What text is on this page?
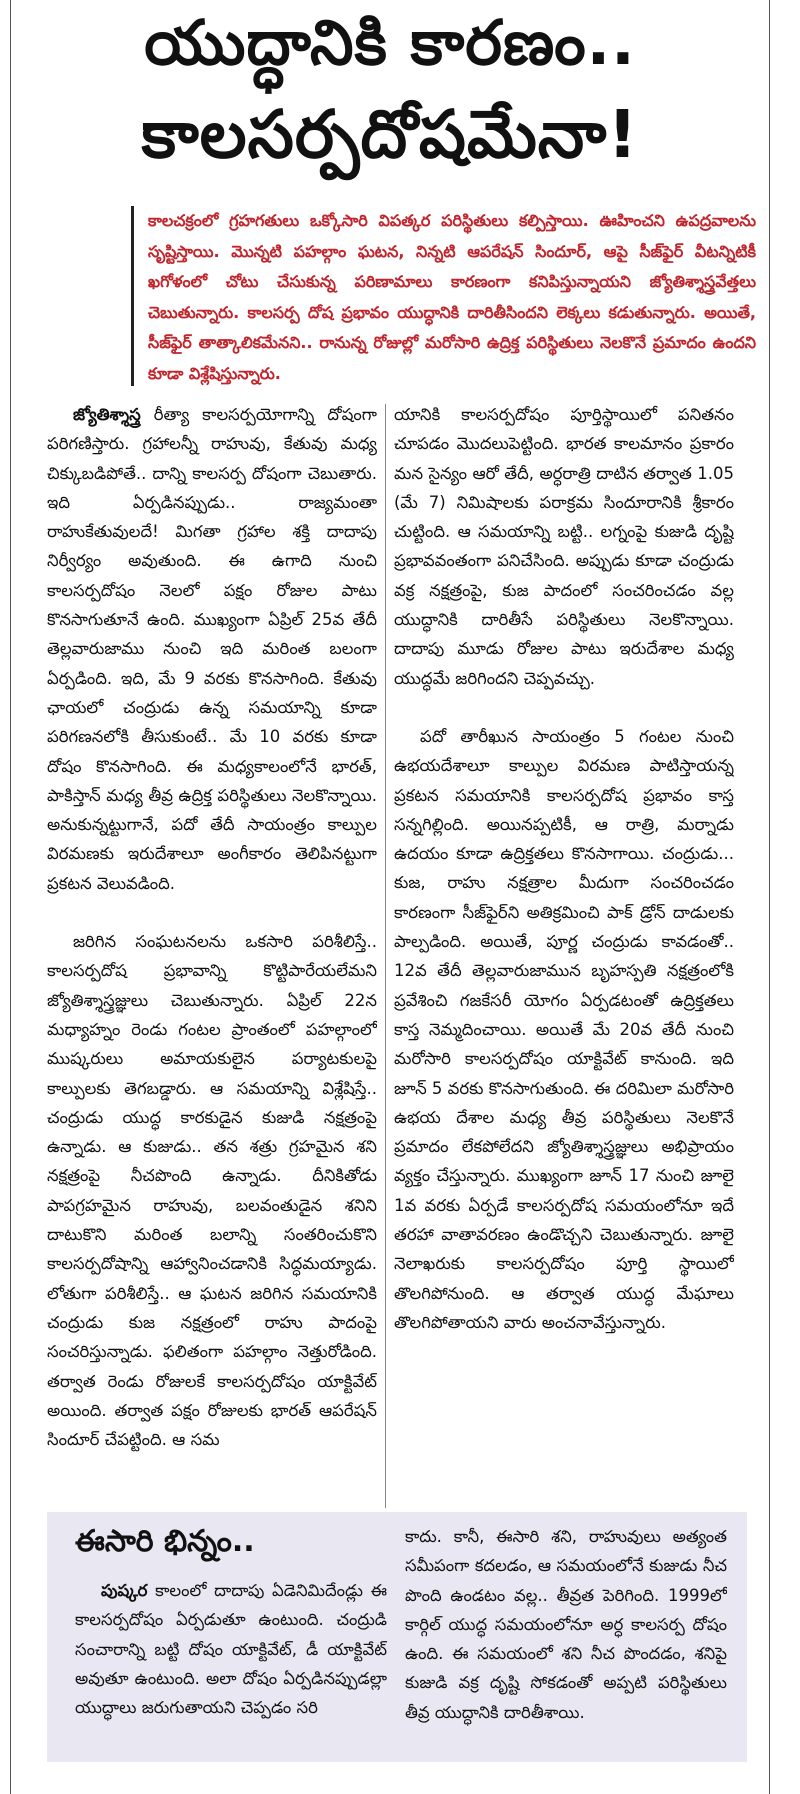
యుద్ధానికి కారణం..
కాలసర్పదోషమేనా!
కాలచక్రంలో గ్రహగతులు ఒక్కోసారి విపత్కర పరిస్థితులు కల్పిస్తాయి. ఊహించని ఉపద్రవాలను సృష్టిస్తాయి. మొన్నటి పహల్గాం ఘటన, నిన్నటి ఆపరేషన్ సిందూర్, ఆపై సీజ్‌ఫైర్ వీటన్నిటికీ ఖగోళంలో చోటు చేసుకున్న పరిణామాలు కారణంగా కనిపిస్తున్నాయని జ్యోతిశ్శాస్త్రవేత్తలు చెబుతున్నారు. కాలసర్ప దోష ప్రభావం యుద్ధానికి దారితీసిందని లెక్కలు కడుతున్నారు. అయితే, సీజ్‌ఫైర్ తాత్కాలికమేనని.. రానున్న రోజుల్లో మరోసారి ఉద్రిక్త పరిస్థితులు నెలకొనే ప్రమాదం ఉందని కూడా విశ్లేషిస్తున్నారు.

జ్యోతిశ్శాస్త్ర రీత్యా కాలసర్పయోగాన్ని దోషంగా పరిగణిస్తారు. గ్రహాలన్నీ రాహువు, కేతువు మధ్య చిక్కుబడిపోతే.. దాన్ని కాలసర్ప దోషంగా చెబుతారు. ఇది ఏర్పడినప్పుడు.. రాజ్యమంతా రాహుకేతువులదే! మిగతా గ్రహాల శక్తి దాదాపు నిర్వీర్యం అవుతుంది. ఈ ఉగాది నుంచి కాలసర్పదోషం నెలలో పక్షం రోజుల పాటు కొనసాగుతూనే ఉంది. ముఖ్యంగా ఏప్రిల్ 25వ తేదీ తెల్లవారుజాము నుంచి ఇది మరింత బలంగా ఏర్పడింది. ఇది, మే 9 వరకు కొనసాగింది. కేతువు ఛాయలో చంద్రుడు ఉన్న సమయాన్ని కూడా పరిగణనలోకి తీసుకుంటే.. మే 10 వరకు కూడా దోషం కొనసాగింది. ఈ మధ్యకాలంలోనే భారత్, పాకిస్తాన్ మధ్య తీవ్ర ఉద్రిక్త పరిస్థితులు నెలకొన్నాయి. అనుకున్నట్టుగానే, పదో తేదీ సాయంత్రం కాల్పుల విరమణకు ఇరుదేశాలూ అంగీకారం తెలిపినట్టుగా ప్రకటన వెలువడింది.

జరిగిన సంఘటనలను ఒకసారి పరిశీలిస్తే.. కాలసర్పదోష ప్రభావాన్ని కొట్టిపారేయలేమని జ్యోతిశ్శాస్త్రజ్ఞులు చెబుతున్నారు. ఏప్రిల్ 22న మధ్యాహ్నం రెండు గంటల ప్రాంతంలో పహల్గాంలో ముష్కరులు అమాయకులైన పర్యాటకులపై కాల్పులకు తెగబడ్డారు. ఆ సమయాన్ని విశ్లేషిస్తే.. చంద్రుడు యుద్ధ కారకుడైన కుజుడి నక్షత్రంపై ఉన్నాడు. ఆ కుజుడు.. తన శత్రు గ్రహమైన శని నక్షత్రంపై నీచపొంది ఉన్నాడు. దీనికితోడు పాపగ్రహమైన రాహువు, బలవంతుడైన శనిని దాటుకొని మరింత బలాన్ని సంతరించుకొని కాలసర్పదోషాన్ని ఆహ్వానించడానికి సిద్ధమయ్యాడు. లోతుగా పరిశీలిస్తే.. ఆ ఘటన జరిగిన సమయానికి చంద్రుడు కుజ నక్షత్రంలో రాహు పాదంపై సంచరిస్తున్నాడు. ఫలితంగా పహల్గాం నెత్తురోడింది. తర్వాత రెండు రోజులకే కాలసర్పదోషం యాక్టివేట్ అయింది. తర్వాత పక్షం రోజులకు భారత్ ఆపరేషన్ సిందూర్ చేపట్టింది. ఆ సమ

యానికి కాలసర్పదోషం పూర్తిస్థాయిలో పనితనం చూపడం మొదలుపెట్టింది. భారత కాలమానం ప్రకారం మన సైన్యం ఆరో తేదీ, అర్ధరాత్రి దాటిన తర్వాత 1.05 (మే 7) నిమిషాలకు పరాక్రమ సిందూరానికి శ్రీకారం చుట్టింది. ఆ సమయాన్ని బట్టి.. లగ్నంపై కుజుడి దృష్టి ప్రభావవంతంగా పనిచేసింది. అప్పుడు కూడా చంద్రుడు వక్ర నక్షత్రంపై, కుజ పాదంలో సంచరించడం వల్ల యుద్ధానికి దారితీసే పరిస్థితులు నెలకొన్నాయి. దాదాపు మూడు రోజుల పాటు ఇరుదేశాల మధ్య యుద్ధమే జరిగిందని చెప్పవచ్చు.

పదో తారీఖున సాయంత్రం 5 గంటల నుంచి ఉభయదేశాలూ కాల్పుల విరమణ పాటిస్తాయన్న ప్రకటన సమయానికి కాలసర్పదోష ప్రభావం కాస్త సన్నగిల్లింది. అయినప్పటికీ, ఆ రాత్రి, మర్నాడు ఉదయం కూడా ఉద్రిక్తతలు కొనసాగాయి. చంద్రుడు... కుజ, రాహు నక్షత్రాల మీదుగా సంచరించడం కారణంగా సీజ్‌ఫైర్‌ని అతిక్రమించి పాక్ డ్రోన్ దాడులకు పాల్పడింది. అయితే, పూర్ణ చంద్రుడు కావడంతో.. 12వ తేదీ తెల్లవారుజామున బృహస్పతి నక్షత్రంలోకి ప్రవేశించి గజకేసరీ యోగం ఏర్పడటంతో ఉద్రిక్తతలు కాస్త నెమ్మదించాయి. అయితే మే 20వ తేదీ నుంచి మరోసారి కాలసర్పదోషం యాక్టివేట్ కానుంది. ఇది జూన్ 5 వరకు కొనసాగుతుంది. ఈ దరిమిలా మరోసారి ఉభయ దేశాల మధ్య తీవ్ర పరిస్థితులు నెలకొనే ప్రమాదం లేకపోలేదని జ్యోతిశ్శాస్త్రజ్ఞులు అభిప్రాయం వ్యక్తం చేస్తున్నారు. ముఖ్యంగా జూన్ 17 నుంచి జూలై 1వ వరకు ఏర్పడే కాలసర్పదోష సమయంలోనూ ఇదే తరహా వాతావరణం ఉండొచ్చని చెబుతున్నారు. జూలై నెలాఖరుకు కాలసర్పదోషం పూర్తి స్థాయిలో తొలగిపోనుంది. ఆ తర్వాత యుద్ధ మేఘాలు తొలగిపోతాయని వారు అంచనావేస్తున్నారు.

ఈసారి భిన్నం..

పుష్కర కాలంలో దాదాపు ఏడెనిమిదేండ్లు ఈ కాలసర్పదోషం ఏర్పడుతూ ఉంటుంది. చంద్రుడి సంచారాన్ని బట్టి దోషం యాక్టివేట్, డీ యాక్టివేట్ అవుతూ ఉంటుంది. అలా దోషం ఏర్పడినప్పుడల్లా యుద్ధాలు జరుగుతాయని చెప్పడం సరి

కాదు. కానీ, ఈసారి శని, రాహువులు అత్యంత సమీపంగా కదలడం, ఆ సమయంలోనే కుజుడు నీచ పొంది ఉండటం వల్ల.. తీవ్రత పెరిగింది. 1999లో కార్గిల్ యుద్ధ సమయంలోనూ అర్ధ కాలసర్ప దోషం ఉంది. ఈ సమయంలో శని నీచ పొందడం, శనిపై కుజుడి వక్ర దృష్టి సోకడంతో అప్పటి పరిస్థితులు తీవ్ర యుద్ధానికి దారితీశాయి.
